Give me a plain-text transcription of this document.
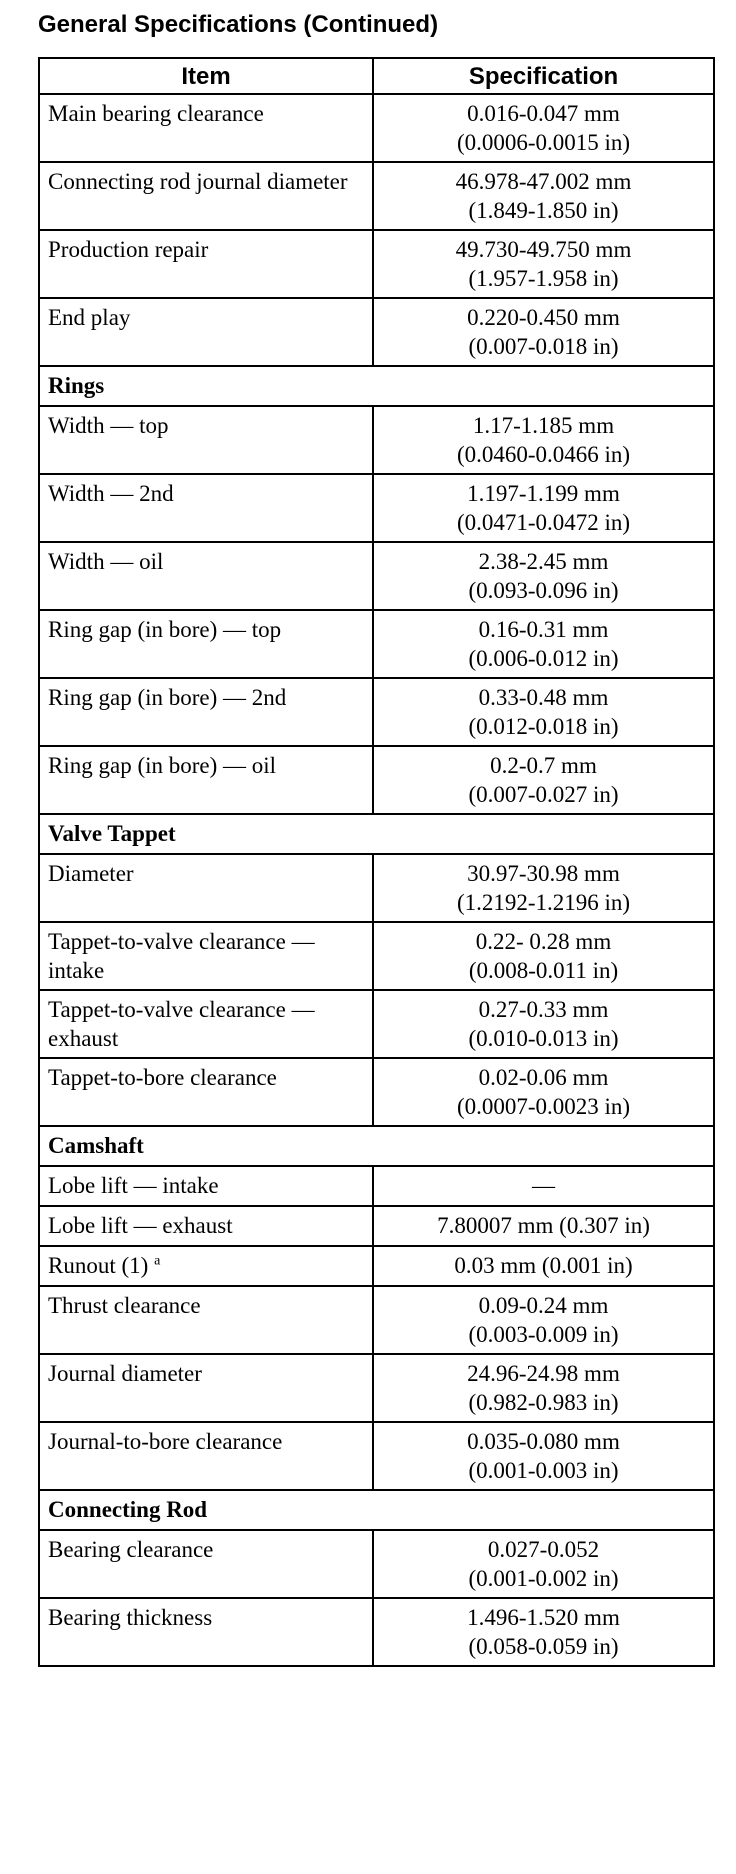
General Specifications (Continued)
Item	Specification
Main bearing clearance	0.016-0.047 mm
(0.0006-0.0015 in)

Connecting rod journal diameter	46.978-47.002 mm
(1.849-1.850 in)

Production repair	49.730-49.750 mm
(1.957-1.958 in)

End play	0.220-0.450 mm
(0.007-0.018 in)

Rings	
Width — top	1.17-1.185 mm
(0.0460-0.0466 in)

Width — 2nd	1.197-1.199 mm
(0.0471-0.0472 in)

Width — oil	2.38-2.45 mm
(0.093-0.096 in)

Ring gap (in bore) — top	0.16-0.31 mm
(0.006-0.012 in)

Ring gap (in bore) — 2nd	0.33-0.48 mm
(0.012-0.018 in)

Ring gap (in bore) — oil	0.2-0.7 mm
(0.007-0.027 in)

Valve Tappet	
Diameter	30.97-30.98 mm
(1.2192-1.2196 in)

Tappet-to-valve clearance — intake	0.22- 0.28 mm
(0.008-0.011 in)

Tappet-to-valve clearance — exhaust	0.27-0.33 mm
(0.010-0.013 in)

Tappet-to-bore clearance	0.02-0.06 mm
(0.0007-0.0023 in)

Camshaft	
Lobe lift — intake	—

Lobe lift — exhaust	7.80007 mm (0.307 in)

Runout (1) $^a$	0.03 mm (0.001 in)

Thrust clearance	0.09-0.24 mm
(0.003-0.009 in)

Journal diameter	24.96-24.98 mm
(0.982-0.983 in)

Journal-to-bore clearance	0.035-0.080 mm
(0.001-0.003 in)

Connecting Rod	
Bearing clearance	0.027-0.052
(0.001-0.002 in)

Bearing thickness	1.496-1.520 mm
(0.058-0.059 in)
